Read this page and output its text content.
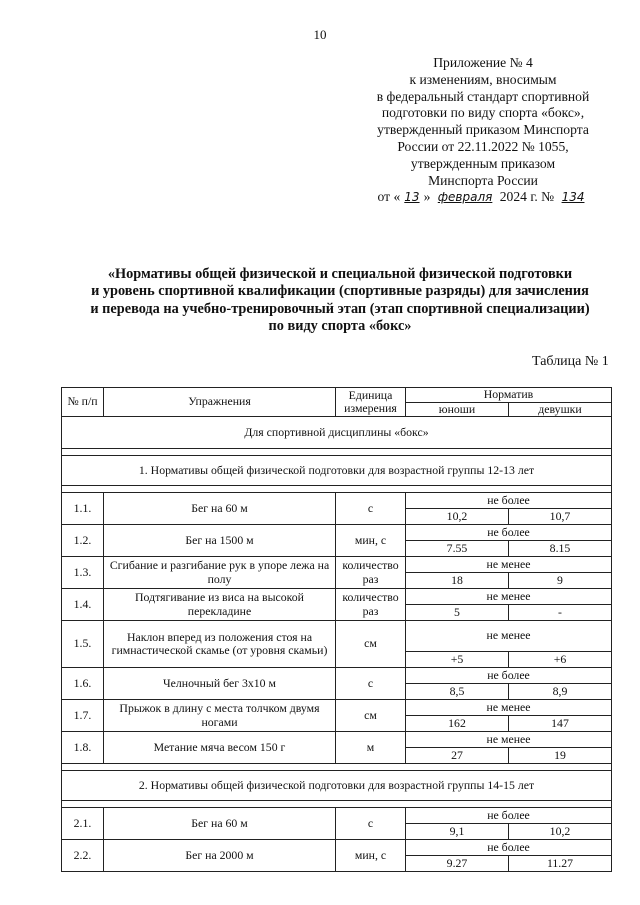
10
Приложение № 4
к изменениям, вносимым
в федеральный стандарт спортивной
подготовки по виду спорта «бокс»,
утвержденный приказом Минспорта
России от 22.11.2022 № 1055,
утвержденным приказом
Минспорта России
от « 13 » февраля 2024 г. № 134
«Нормативы общей физической и специальной физической подготовки
и уровень спортивной квалификации (спортивные разряды) для зачисления
и перевода на учебно-тренировочный этап (этап спортивной специализации)
по виду спорта «бокс»
Таблица № 1
№ п/п	Упражнения	Единица измерения	Норматив	
			юноши	девушки
Для спортивной дисциплины «бокс»				

1. Нормативы общей физической подготовки для возрастной группы 12-13 лет				

1.1.	Бег на 60 м	с	не более	
			10,2	10,7
1.2.	Бег на 1500 м	мин, с	не более	
			7.55	8.15
1.3.	Сгибание и разгибание рук в упоре лежа на полу	количество раз	не менее	
			18	9
1.4.	Подтягивание из виса на высокой перекладине	количество раз	не менее	
			5	-
1.5.	Наклон вперед из положения стоя на гимнастической скамье (от уровня скамьи)	см	не менее	
			+5	+6
1.6.	Челночный бег 3x10 м	с	не более	
			8,5	8,9
1.7.	Прыжок в длину с места толчком двумя ногами	см	не менее	
			162	147
1.8.	Метание мяча весом 150 г	м	не менее	
			27	19

2. Нормативы общей физической подготовки для возрастной группы 14-15 лет				

2.1.	Бег на 60 м	с	не более	
			9,1	10,2
2.2.	Бег на 2000 м	мин, с	не более	
			9.27	11.27
